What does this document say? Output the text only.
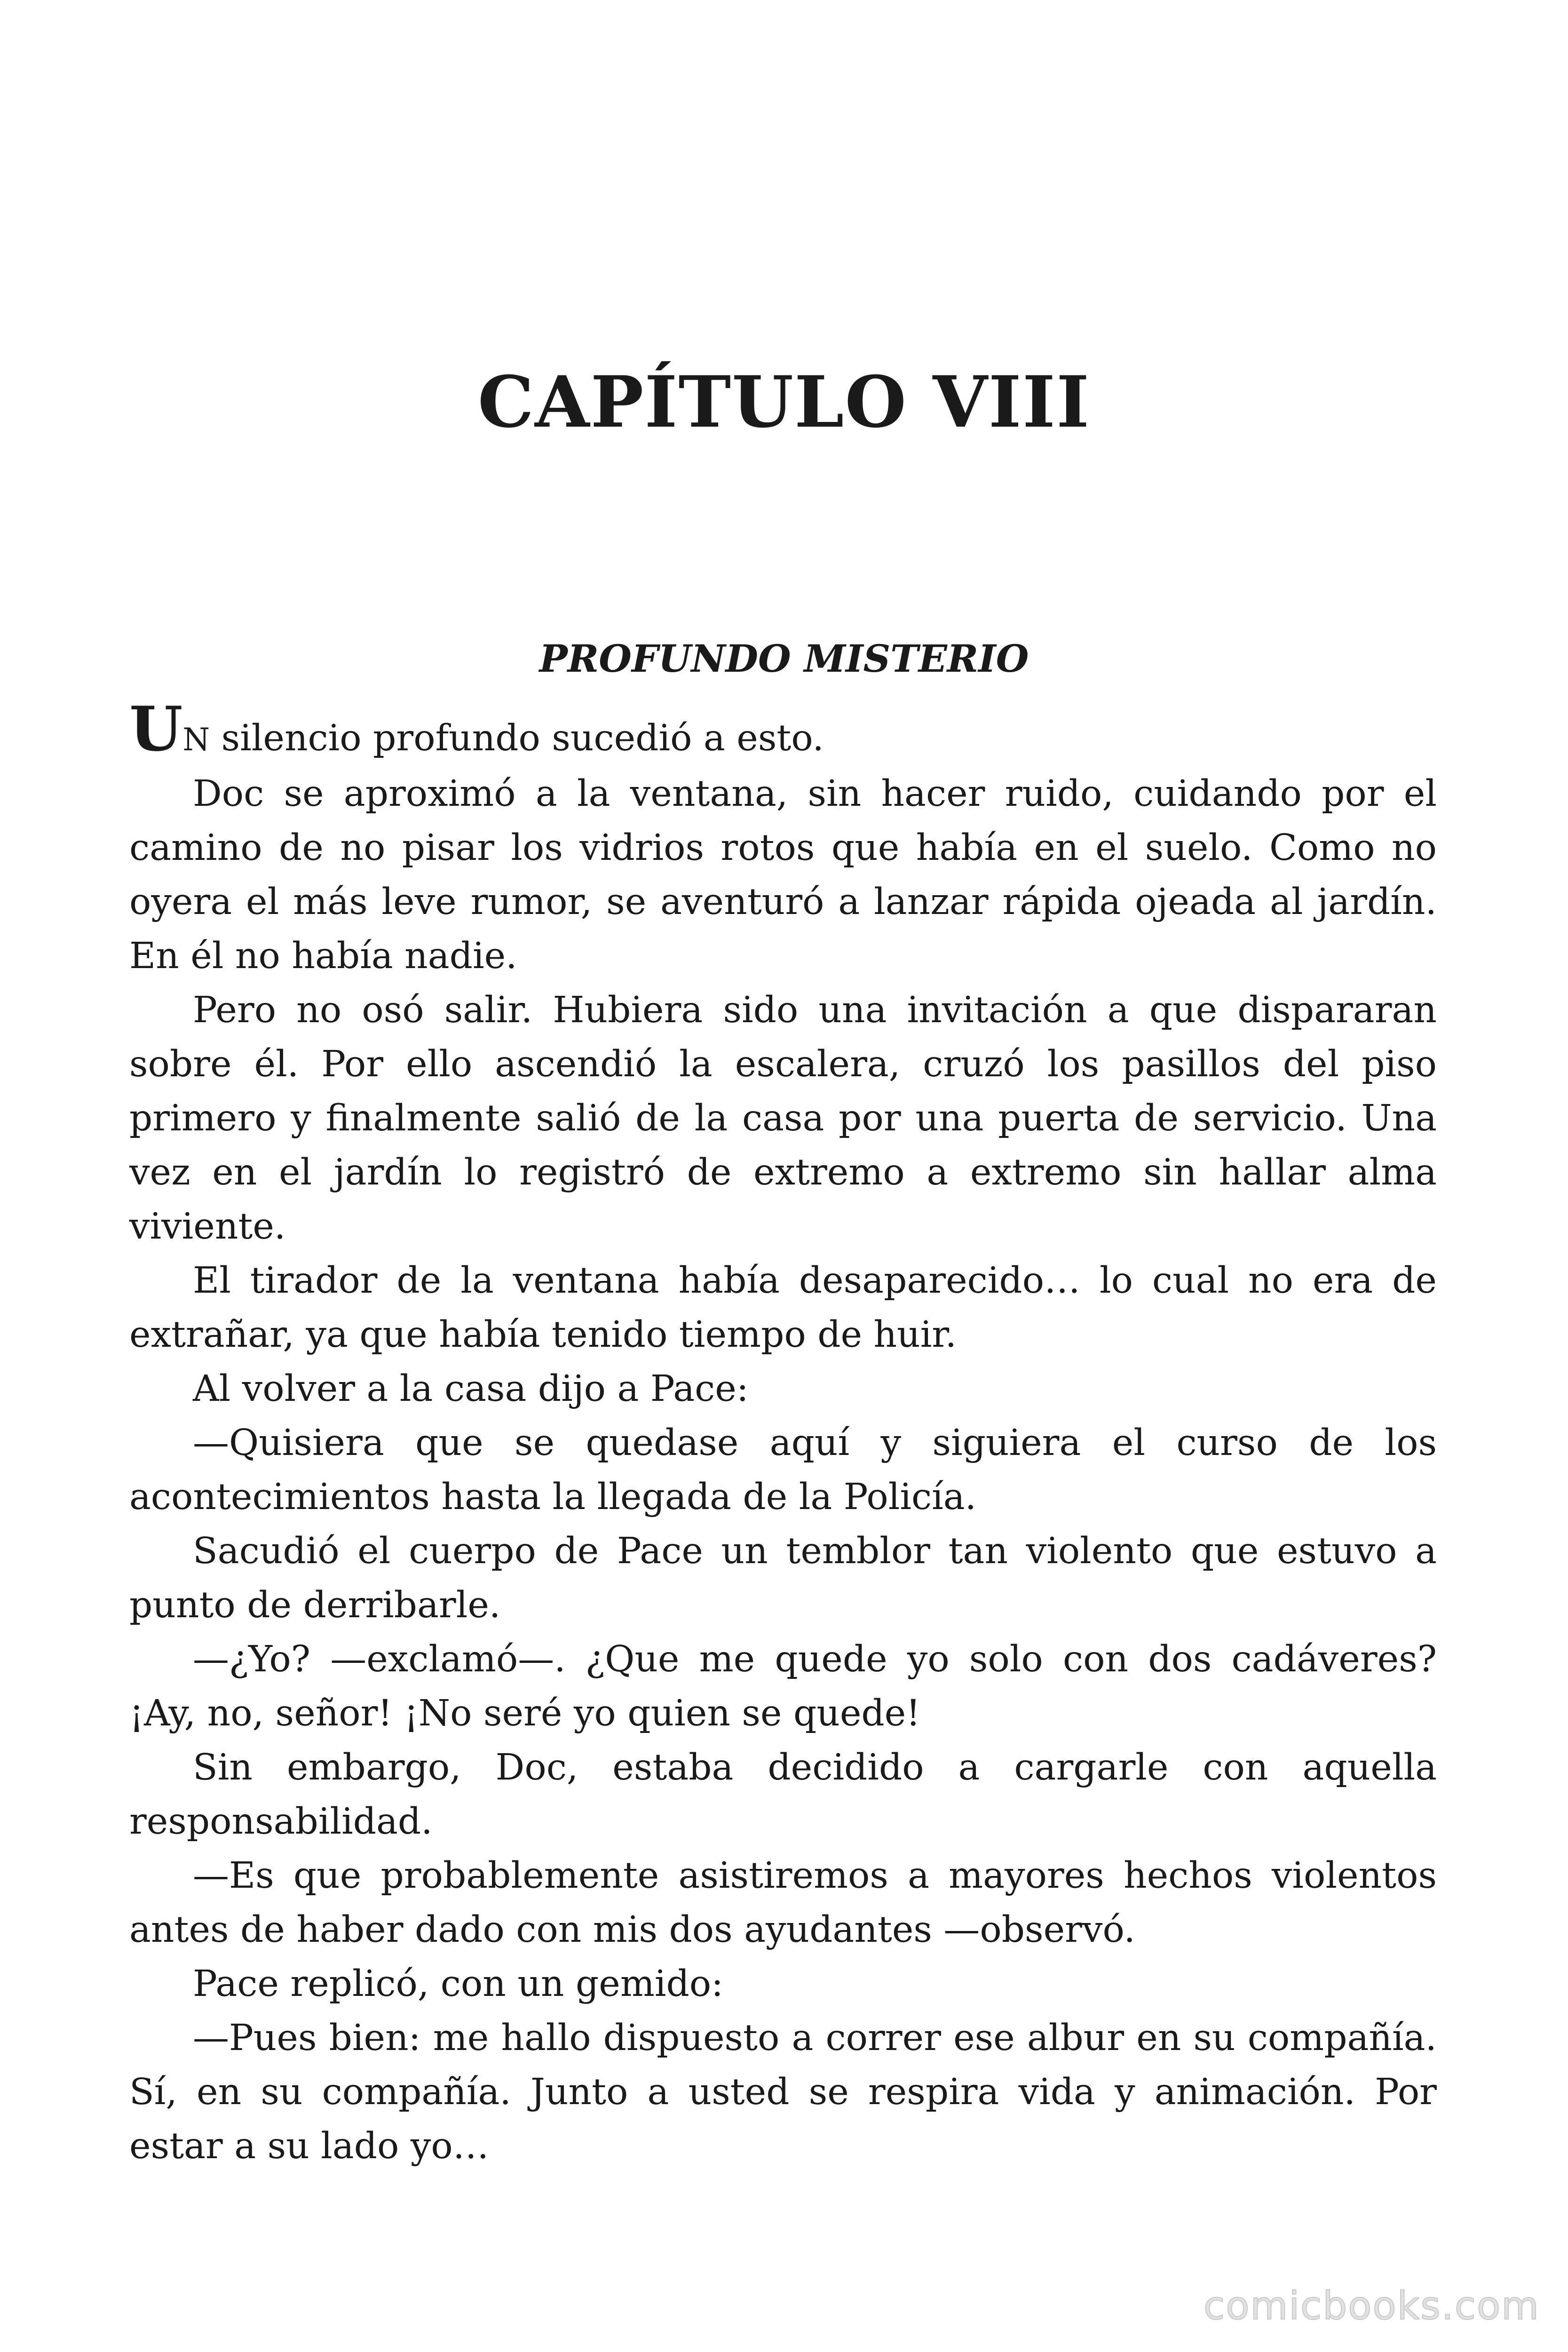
CAPÍTULO VIII
PROFUNDO MISTERIO

UN silencio profundo sucedió a esto.

Doc se aproximó a la ventana, sin hacer ruido, cuidando por el camino de no pisar los vidrios rotos que había en el suelo. Como no oyera el más leve rumor, se aventuró a lanzar rápida ojeada al jardín. En él no había nadie.

Pero no osó salir. Hubiera sido una invitación a que dispararan sobre él. Por ello ascendió la escalera, cruzó los pasillos del piso primero y finalmente salió de la casa por una puerta de servicio. Una vez en el jardín lo registró de extremo a extremo sin hallar alma viviente.

El tirador de la ventana había desaparecido… lo cual no era de extrañar, ya que había tenido tiempo de huir.

Al volver a la casa dijo a Pace:

—Quisiera que se quedase aquí y siguiera el curso de los acontecimientos hasta la llegada de la Policía.

Sacudió el cuerpo de Pace un temblor tan violento que estuvo a punto de derribarle.

—¿Yo? —exclamó—. ¿Que me quede yo solo con dos cadáveres? ¡Ay, no, señor! ¡No seré yo quien se quede!

Sin embargo, Doc, estaba decidido a cargarle con aquella responsabilidad.

—Es que probablemente asistiremos a mayores hechos violentos antes de haber dado con mis dos ayudantes —observó.

Pace replicó, con un gemido:

—Pues bien: me hallo dispuesto a correr ese albur en su compañía. Sí, en su compañía. Junto a usted se respira vida y animación. Por estar a su lado yo…

comicbooks.com
